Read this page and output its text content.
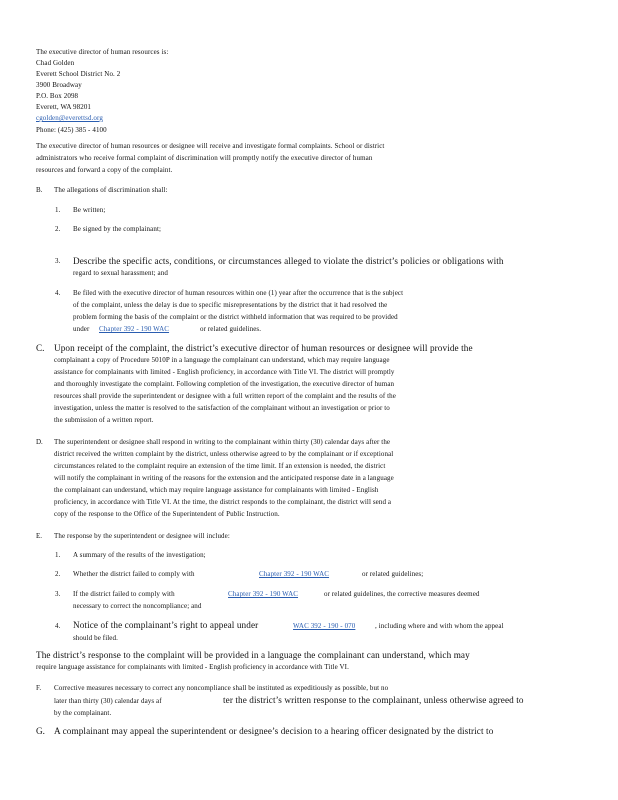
The executive director of human resources is:
Chad Golden
Everett School District No. 2
3900 Broadway
P.O. Box 2098
Everett, WA 98201
cgolden@everettsd.org
Phone: (425) 385 - 4100
The executive director of human resources or designee will receive and investigate formal complaints. School or district
administrators who receive formal complaint of discrimination will promptly notify the executive director of human
resources and forward a copy of the complaint.
B. The allegations of discrimination shall:
1. Be written;
2. Be signed by the complainant;
3. Describe the specific acts, conditions, or circumstances alleged to violate the district’s policies or obligations with
regard to sexual harassment; and
4. Be filed with the executive director of human resources within one (1) year after the occurrence that is the subject
of the complaint, unless the delay is due to specific misrepresentations by the district that it had resolved the
problem forming the basis of the complaint or the district withheld information that was required to be provided
under Chapter 392 - 190 WAC	or related guidelines.
C. Upon receipt of the complaint, the district’s executive director of human resources or designee will provide the
complainant a copy of Procedure 5010P in a language the complainant can understand, which may require language
assistance for complainants with limited - English proficiency, in accordance with Title VI. The district will promptly
and thoroughly investigate the complaint. Following completion of the investigation, the executive director of human
resources shall provide the superintendent or designee with a full written report of the complaint and the results of the
investigation, unless the matter is resolved to the satisfaction of the complainant without an investigation or prior to
the submission of a written report.
D. The superintendent or designee shall respond in writing to the complainant within thirty (30) calendar days after the
district received the written complaint by the district, unless otherwise agreed to by the complainant or if exceptional
circumstances related to the complaint require an extension of the time limit. If an extension is needed, the district
will notify the complainant in writing of the reasons for the extension and the anticipated response date in a language
the complainant can understand, which may require language assistance for complainants with limited - English
proficiency, in accordance with Title VI. At the time, the district responds to the complainant, the district will send a
copy of the response to the Office of the Superintendent of Public Instruction.
E. The response by the superintendent or designee will include:
1. A summary of the results of the investigation;
2. Whether the district failed to comply with	Chapter 392 - 190 WAC	or related guidelines;
3. If the district failed to comply with	Chapter 392 - 190 WAC	or related guidelines, the corrective measures deemed
necessary to correct the noncompliance; and
4. Notice of the complainant’s right to appeal under	WAC 392 - 190 - 070	, including where and with whom the appeal
should be filed.
The district’s response to the complaint will be provided in a language the complainant can understand, which may
require language assistance for complainants with limited - English proficiency in accordance with Title VI.
F. Corrective measures necessary to correct any noncompliance shall be instituted as expeditiously as possible, but no
later than thirty (30) calendar days af	ter the district’s written response to the complainant, unless otherwise agreed to
by the complainant.
G. A complainant may appeal the superintendent or designee’s decision to a hearing officer designated by the district to
